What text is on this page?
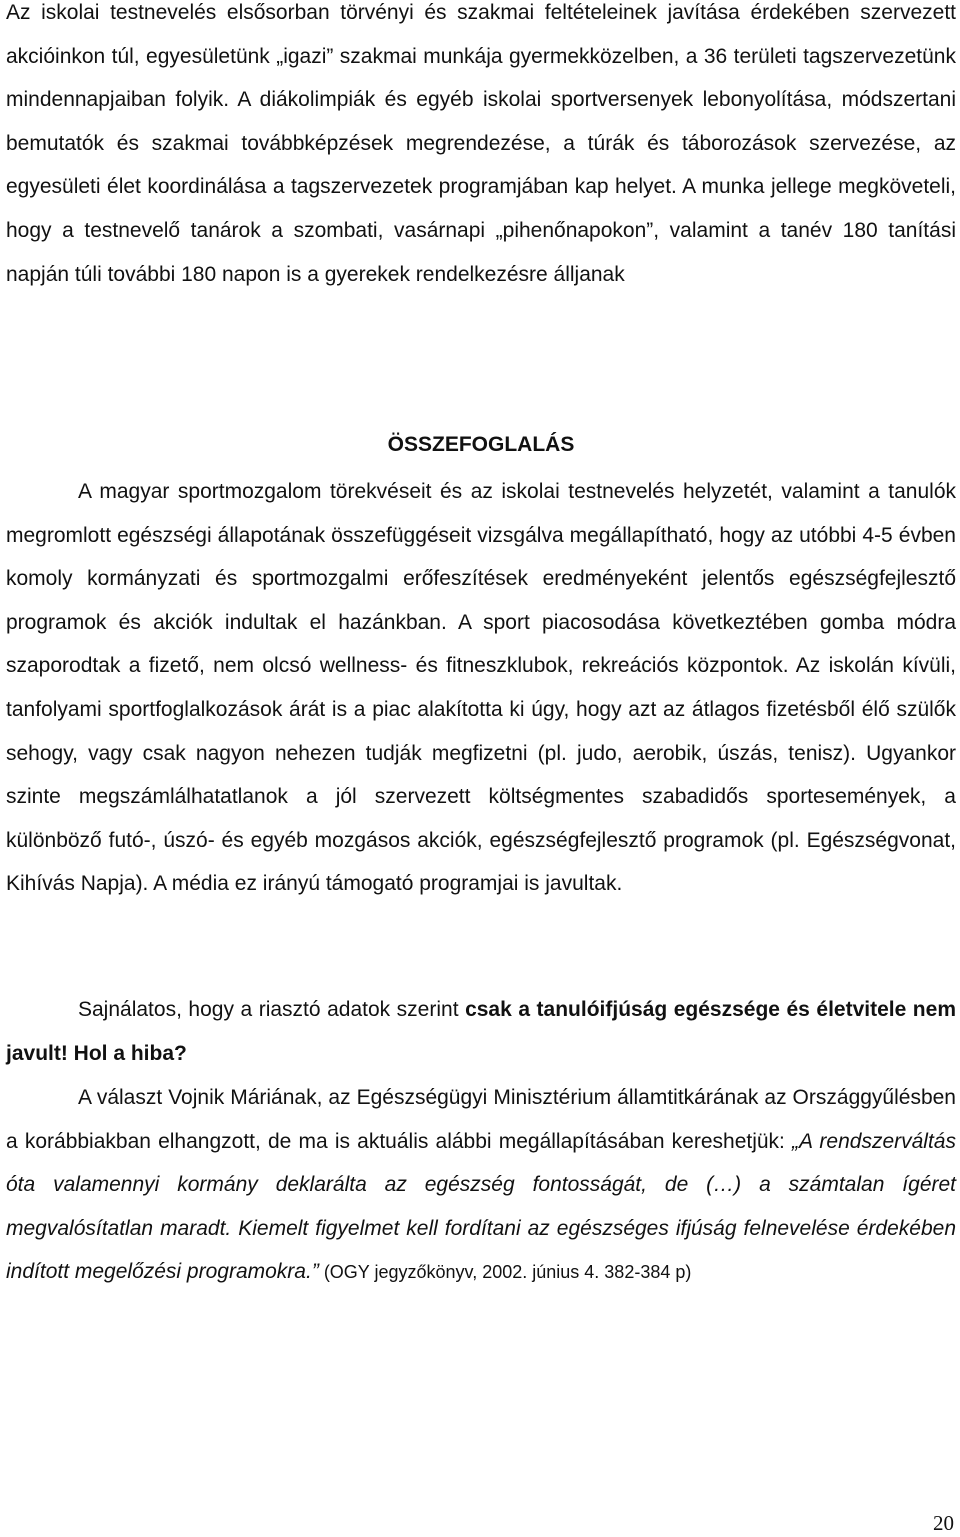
Az iskolai testnevelés elsősorban törvényi és szakmai feltételeinek javítása érdekében szervezett akcióinkon túl, egyesületünk „igazi” szakmai munkája gyermekközelben, a 36 területi tagszervezetünk mindennapjaiban folyik. A diákolimpiák és egyéb iskolai sportversenyek lebonyolítása, módszertani bemutatók és szakmai továbbképzések megrendezése, a túrák és táborozások szervezése, az egyesületi élet koordinálása a tagszervezetek programjában kap helyet. A munka jellege megköveteli, hogy a testnevelő tanárok a szombati, vasárnapi „pihenőnapokon”, valamint a tanév 180 tanítási napján túli további 180 napon is a gyerekek rendelkezésre álljanak

ÖSSZEFOGLALÁS

A magyar sportmozgalom törekvéseit és az iskolai testnevelés helyzetét, valamint a tanulók megromlott egészségi állapotának összefüggéseit vizsgálva megállapítható, hogy az utóbbi 4-5 évben komoly kormányzati és sportmozgalmi erőfeszítések eredményeként jelentős egészségfejlesztő programok és akciók indultak el hazánkban. A sport piacosodása következtében gomba módra szaporodtak a fizető, nem olcsó wellness- és fitneszklubok, rekreációs központok. Az iskolán kívüli, tanfolyami sportfoglalkozások árát is a piac alakította ki úgy, hogy azt az átlagos fizetésből élő szülők sehogy, vagy csak nagyon nehezen tudják megfizetni (pl. judo, aerobik, úszás, tenisz). Ugyankor szinte megszámlálhatatlanok a jól szervezett költségmentes szabadidős sportesemények, a különböző futó-, úszó- és egyéb mozgásos akciók, egészségfejlesztő programok (pl. Egészségvonat, Kihívás Napja). A média ez irányú támogató programjai is javultak.

Sajnálatos, hogy a riasztó adatok szerint csak a tanulóifjúság egészsége és életvitele nem javult! Hol a hiba?

A választ Vojnik Máriának, az Egészségügyi Minisztérium államtitkárának az Országgyűlésben a korábbiakban elhangzott, de ma is aktuális alábbi megállapításában kereshetjük: „A rendszerváltás óta valamennyi kormány deklarálta az egészség fontosságát, de (…) a számtalan ígéret megvalósítatlan maradt. Kiemelt figyelmet kell fordítani az egészséges ifjúság felnevelése érdekében indított megelőzési programokra.” (OGY jegyzőkönyv, 2002. június 4. 382-384 p)

20
